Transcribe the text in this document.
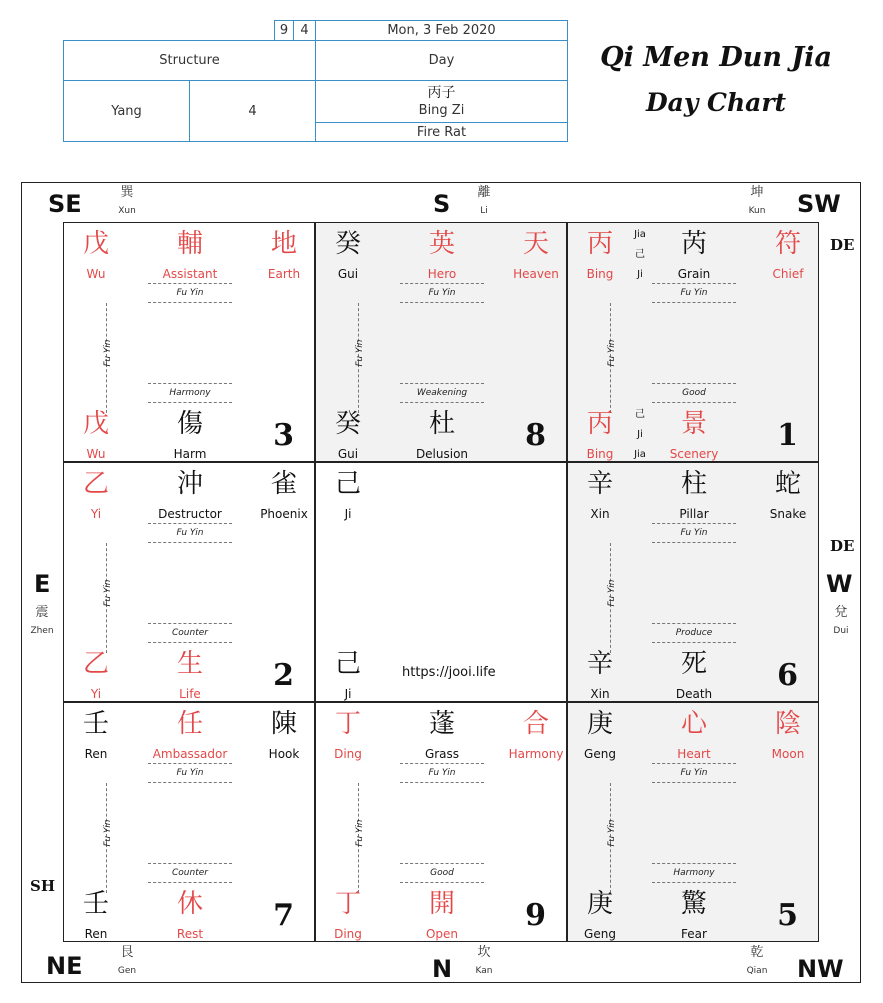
9 4	Mon, 3 Feb 2020
Structure	Day
Yang	4
丙子
Bing Zi
Fire Rat
Qi Men Dun Jia
Day Chart
SE	S	SW
E	W
NE	N	NW
DE
DE
SH
巽
Xun
離
Li
坤
Kun
震
Zhen
兌
Dui
艮
Gen
坎
Kan
乾
Qian
戊
Wu
輔
Assistant
地
Earth
Fu Yin
Fu Yin
Harmony
戊
Wu
傷
Harm
3
癸
Gui
英
Hero
天
Heaven
Fu Yin
Fu Yin
Weakening
癸
Gui
杜
Delusion
8
丙
Bing
Jia
己
Ji
芮
Grain
符
Chief
Fu Yin
Fu Yin
Good
丙
Bing
己
Ji
Jia
景
Scenery
1
乙
Yi
沖
Destructor
雀
Phoenix
Fu Yin
Fu Yin
Counter
乙
Yi
生
Life
2
己
Ji
己
Ji
https://jooi.life
辛
Xin
柱
Pillar
蛇
Snake
Fu Yin
Fu Yin
Produce
辛
Xin
死
Death
6
壬
Ren
任
Ambassador
陳
Hook
Fu Yin
Fu Yin
Counter
壬
Ren
休
Rest
7
丁
Ding
蓬
Grass
合
Harmony
Fu Yin
Fu Yin
Good
丁
Ding
開
Open
9
庚
Geng
心
Heart
陰
Moon
Fu Yin
Fu Yin
Harmony
庚
Geng
驚
Fear
5
